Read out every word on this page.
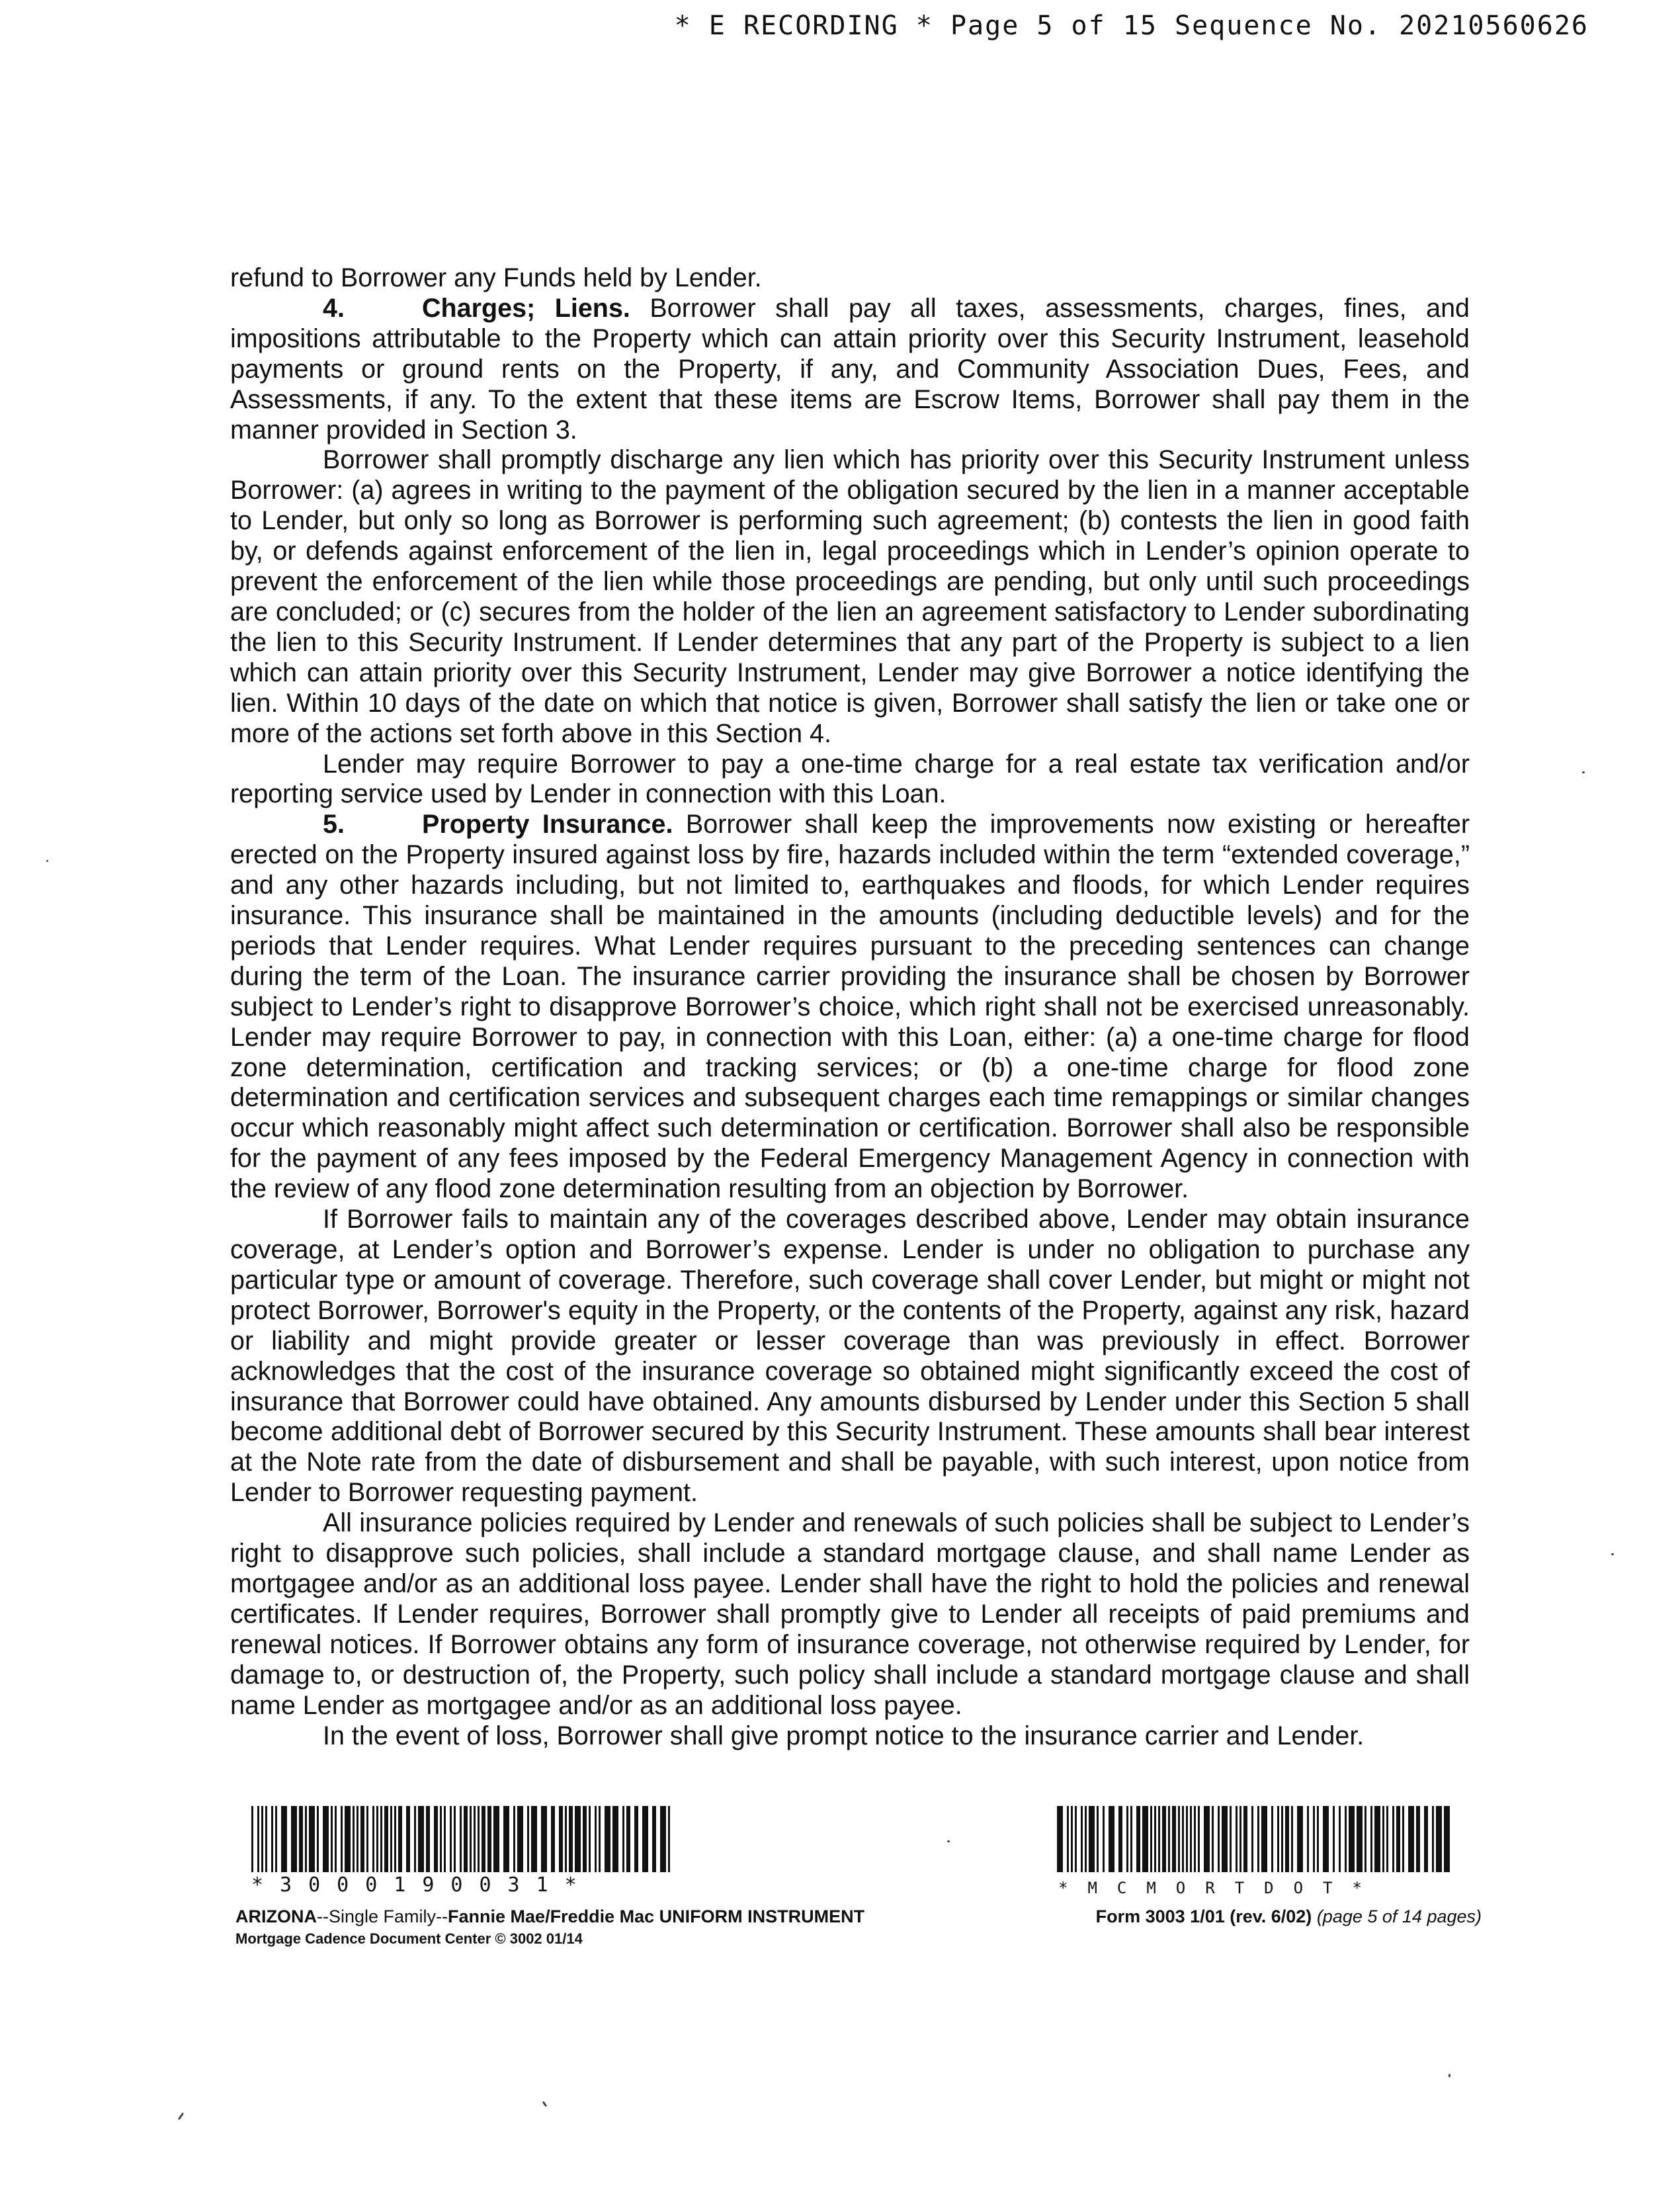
* E RECORDING * Page 5 of 15 Sequence No. 20210560626

refund to Borrower any Funds held by Lender.

4.	Charges; Liens. Borrower shall pay all taxes, assessments, charges, fines, and impositions attributable to the Property which can attain priority over this Security Instrument, leasehold payments or ground rents on the Property, if any, and Community Association Dues, Fees, and Assessments, if any. To the extent that these items are Escrow Items, Borrower shall pay them in the manner provided in Section 3.

Borrower shall promptly discharge any lien which has priority over this Security Instrument unless Borrower: (a) agrees in writing to the payment of the obligation secured by the lien in a manner acceptable to Lender, but only so long as Borrower is performing such agreement; (b) contests the lien in good faith by, or defends against enforcement of the lien in, legal proceedings which in Lender’s opinion operate to prevent the enforcement of the lien while those proceedings are pending, but only until such proceedings are concluded; or (c) secures from the holder of the lien an agreement satisfactory to Lender subordinating the lien to this Security Instrument. If Lender determines that any part of the Property is subject to a lien which can attain priority over this Security Instrument, Lender may give Borrower a notice identifying the lien. Within 10 days of the date on which that notice is given, Borrower shall satisfy the lien or take one or more of the actions set forth above in this Section 4.

Lender may require Borrower to pay a one-time charge for a real estate tax verification and/or reporting service used by Lender in connection with this Loan.

5.	Property Insurance. Borrower shall keep the improvements now existing or hereafter erected on the Property insured against loss by fire, hazards included within the term “extended coverage,” and any other hazards including, but not limited to, earthquakes and floods, for which Lender requires insurance. This insurance shall be maintained in the amounts (including deductible levels) and for the periods that Lender requires. What Lender requires pursuant to the preceding sentences can change during the term of the Loan. The insurance carrier providing the insurance shall be chosen by Borrower subject to Lender’s right to disapprove Borrower’s choice, which right shall not be exercised unreasonably. Lender may require Borrower to pay, in connection with this Loan, either: (a) a one-time charge for flood zone determination, certification and tracking services; or (b) a one-time charge for flood zone determination and certification services and subsequent charges each time remappings or similar changes occur which reasonably might affect such determination or certification. Borrower shall also be responsible for the payment of any fees imposed by the Federal Emergency Management Agency in connection with the review of any flood zone determination resulting from an objection by Borrower.

If Borrower fails to maintain any of the coverages described above, Lender may obtain insurance coverage, at Lender’s option and Borrower’s expense. Lender is under no obligation to purchase any particular type or amount of coverage. Therefore, such coverage shall cover Lender, but might or might not protect Borrower, Borrower's equity in the Property, or the contents of the Property, against any risk, hazard or liability and might provide greater or lesser coverage than was previously in effect. Borrower acknowledges that the cost of the insurance coverage so obtained might significantly exceed the cost of insurance that Borrower could have obtained. Any amounts disbursed by Lender under this Section 5 shall become additional debt of Borrower secured by this Security Instrument. These amounts shall bear interest at the Note rate from the date of disbursement and shall be payable, with such interest, upon notice from Lender to Borrower requesting payment.

All insurance policies required by Lender and renewals of such policies shall be subject to Lender’s right to disapprove such policies, shall include a standard mortgage clause, and shall name Lender as mortgagee and/or as an additional loss payee. Lender shall have the right to hold the policies and renewal certificates. If Lender requires, Borrower shall promptly give to Lender all receipts of paid premiums and renewal notices. If Borrower obtains any form of insurance coverage, not otherwise required by Lender, for damage to, or destruction of, the Property, such policy shall include a standard mortgage clause and shall name Lender as mortgagee and/or as an additional loss payee.

In the event of loss, Borrower shall give prompt notice to the insurance carrier and Lender.

*3000190031*	*MCMORTDOT*
ARIZONA--Single Family--Fannie Mae/Freddie Mac UNIFORM INSTRUMENT
Mortgage Cadence Document Center © 3002 01/14
Form 3003 1/01 (rev. 6/02) (page 5 of 14 pages)
